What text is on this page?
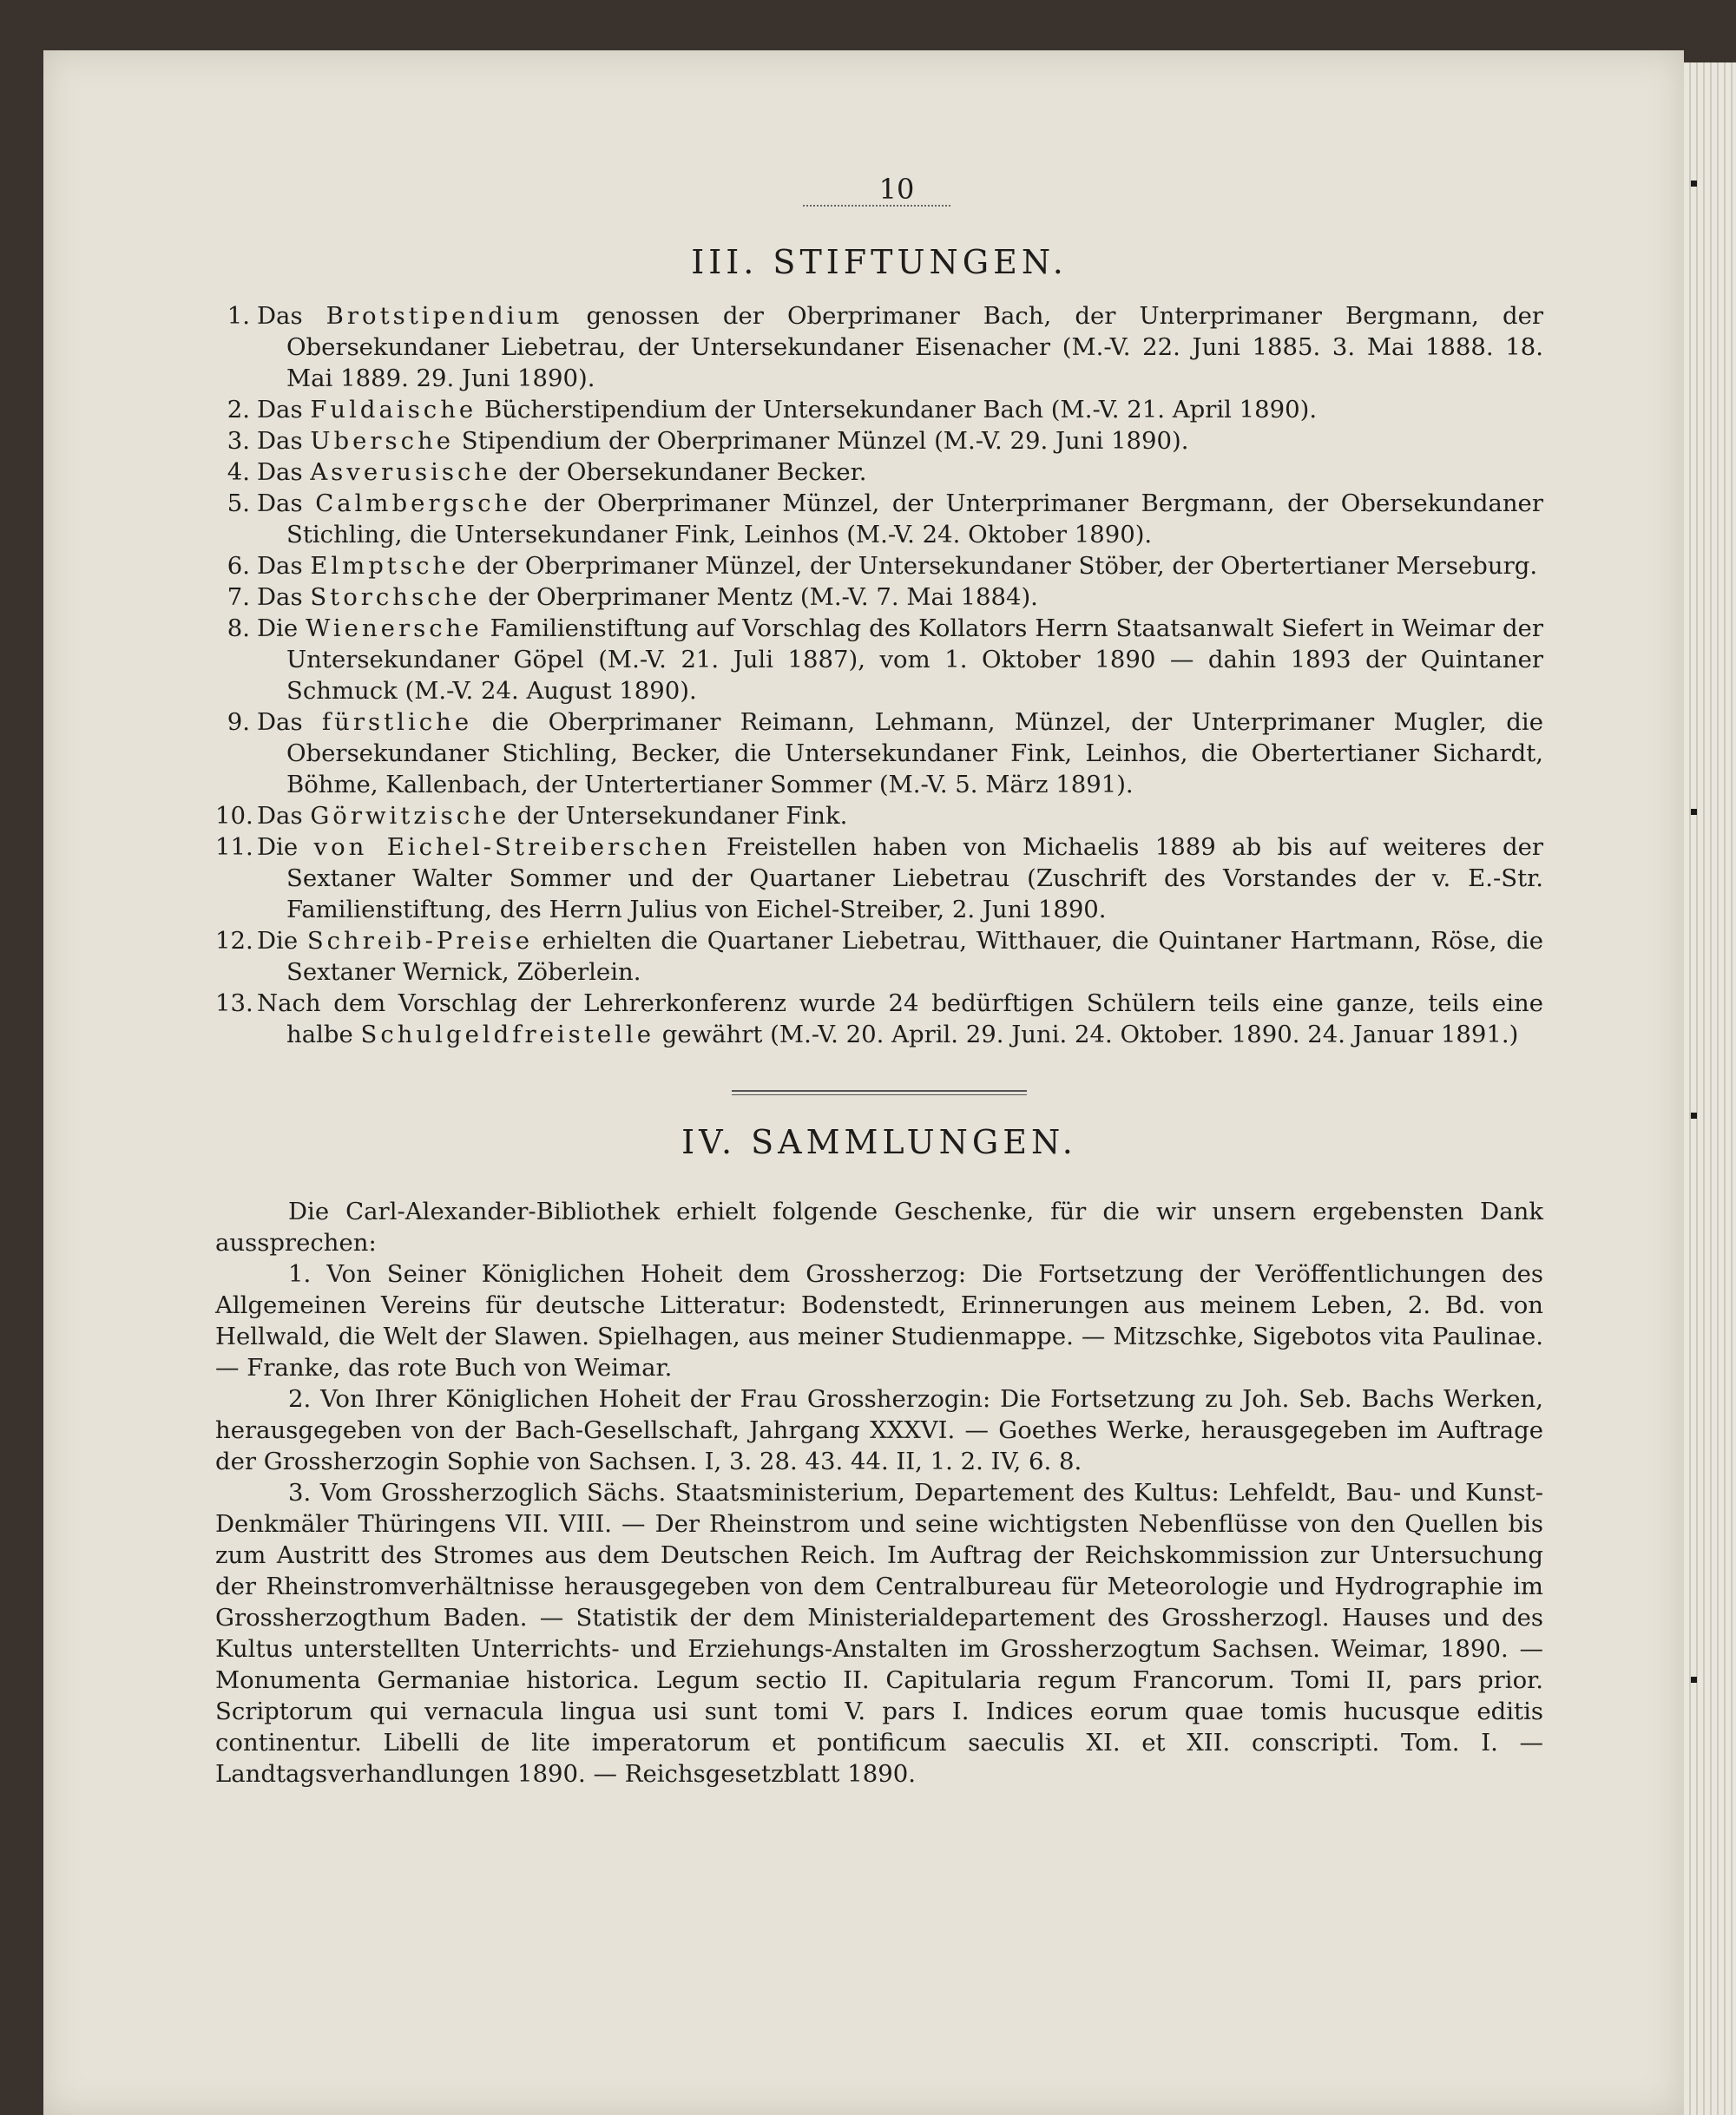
10
III. STIFTUNGEN.
1. Das Brotstipendium genossen der Oberprimaner Bach, der Unterprimaner Bergmann, der Obersekundaner Liebetrau, der Untersekundaner Eisenacher (M.-V. 22. Juni 1885. 3. Mai 1888. 18. Mai 1889. 29. Juni 1890).
2. Das Fuldaische Bücherstipendium der Untersekundaner Bach (M.-V. 21. April 1890).
3. Das Ubersche Stipendium der Oberprimaner Münzel (M.-V. 29. Juni 1890).
4. Das Asverusische der Obersekundaner Becker.
5. Das Calmbergsche der Oberprimaner Münzel, der Unterprimaner Bergmann, der Obersekundaner Stichling, die Untersekundaner Fink, Leinhos (M.-V. 24. Oktober 1890).
6. Das Elmptsche der Oberprimaner Münzel, der Untersekundaner Stöber, der Obertertianer Merseburg.
7. Das Storchsche der Oberprimaner Mentz (M.-V. 7. Mai 1884).
8. Die Wienersche Familienstiftung auf Vorschlag des Kollators Herrn Staatsanwalt Siefert in Weimar der Untersekundaner Göpel (M.-V. 21. Juli 1887), vom 1. Oktober 1890 — dahin 1893 der Quintaner Schmuck (M.-V. 24. August 1890).
9. Das fürstliche die Oberprimaner Reimann, Lehmann, Münzel, der Unterprimaner Mugler, die Obersekundaner Stichling, Becker, die Untersekundaner Fink, Leinhos, die Obertertianer Sichardt, Böhme, Kallenbach, der Untertertianer Sommer (M.-V. 5. März 1891).
10. Das Görwitzische der Untersekundaner Fink.
11. Die von Eichel-Streiberschen Freistellen haben von Michaelis 1889 ab bis auf weiteres der Sextaner Walter Sommer und der Quartaner Liebetrau (Zuschrift des Vorstandes der v. E.-Str. Familienstiftung, des Herrn Julius von Eichel-Streiber, 2. Juni 1890.
12. Die Schreib-Preise erhielten die Quartaner Liebetrau, Witthauer, die Quintaner Hartmann, Röse, die Sextaner Wernick, Zöberlein.
13. Nach dem Vorschlag der Lehrerkonferenz wurde 24 bedürftigen Schülern teils eine ganze, teils eine halbe Schulgeldfreistelle gewährt (M.-V. 20. April. 29. Juni. 24. Oktober. 1890. 24. Januar 1891.)
IV. SAMMLUNGEN.

Die Carl-Alexander-Bibliothek erhielt folgende Geschenke, für die wir unsern ergebensten Dank aussprechen:

1. Von Seiner Königlichen Hoheit dem Grossherzog: Die Fortsetzung der Veröffentlichungen des Allgemeinen Vereins für deutsche Litteratur: Bodenstedt, Erinnerungen aus meinem Leben, 2. Bd. von Hellwald, die Welt der Slawen. Spielhagen, aus meiner Studienmappe. — Mitzschke, Sigebotos vita Paulinae. — Franke, das rote Buch von Weimar.

2. Von Ihrer Königlichen Hoheit der Frau Grossherzogin: Die Fortsetzung zu Joh. Seb. Bachs Werken, herausgegeben von der Bach-Gesellschaft, Jahrgang XXXVI. — Goethes Werke, herausgegeben im Auftrage der Grossherzogin Sophie von Sachsen. I, 3. 28. 43. 44. II, 1. 2. IV, 6. 8.

3. Vom Grossherzoglich Sächs. Staatsministerium, Departement des Kultus: Lehfeldt, Bau- und Kunst-Denkmäler Thüringens VII. VIII. — Der Rheinstrom und seine wichtigsten Nebenflüsse von den Quellen bis zum Austritt des Stromes aus dem Deutschen Reich. Im Auftrag der Reichskommission zur Untersuchung der Rheinstromverhältnisse herausgegeben von dem Centralbureau für Meteorologie und Hydrographie im Grossherzogthum Baden. — Statistik der dem Ministerialdepartement des Grossherzogl. Hauses und des Kultus unterstellten Unterrichts- und Erziehungs-Anstalten im Grossherzogtum Sachsen. Weimar, 1890. — Monumenta Germaniae historica. Legum sectio II. Capitularia regum Francorum. Tomi II, pars prior. Scriptorum qui vernacula lingua usi sunt tomi V. pars I. Indices eorum quae tomis hucusque editis continentur. Libelli de lite imperatorum et pontificum saeculis XI. et XII. conscripti. Tom. I. — Landtagsverhandlungen 1890. — Reichsgesetzblatt 1890.
